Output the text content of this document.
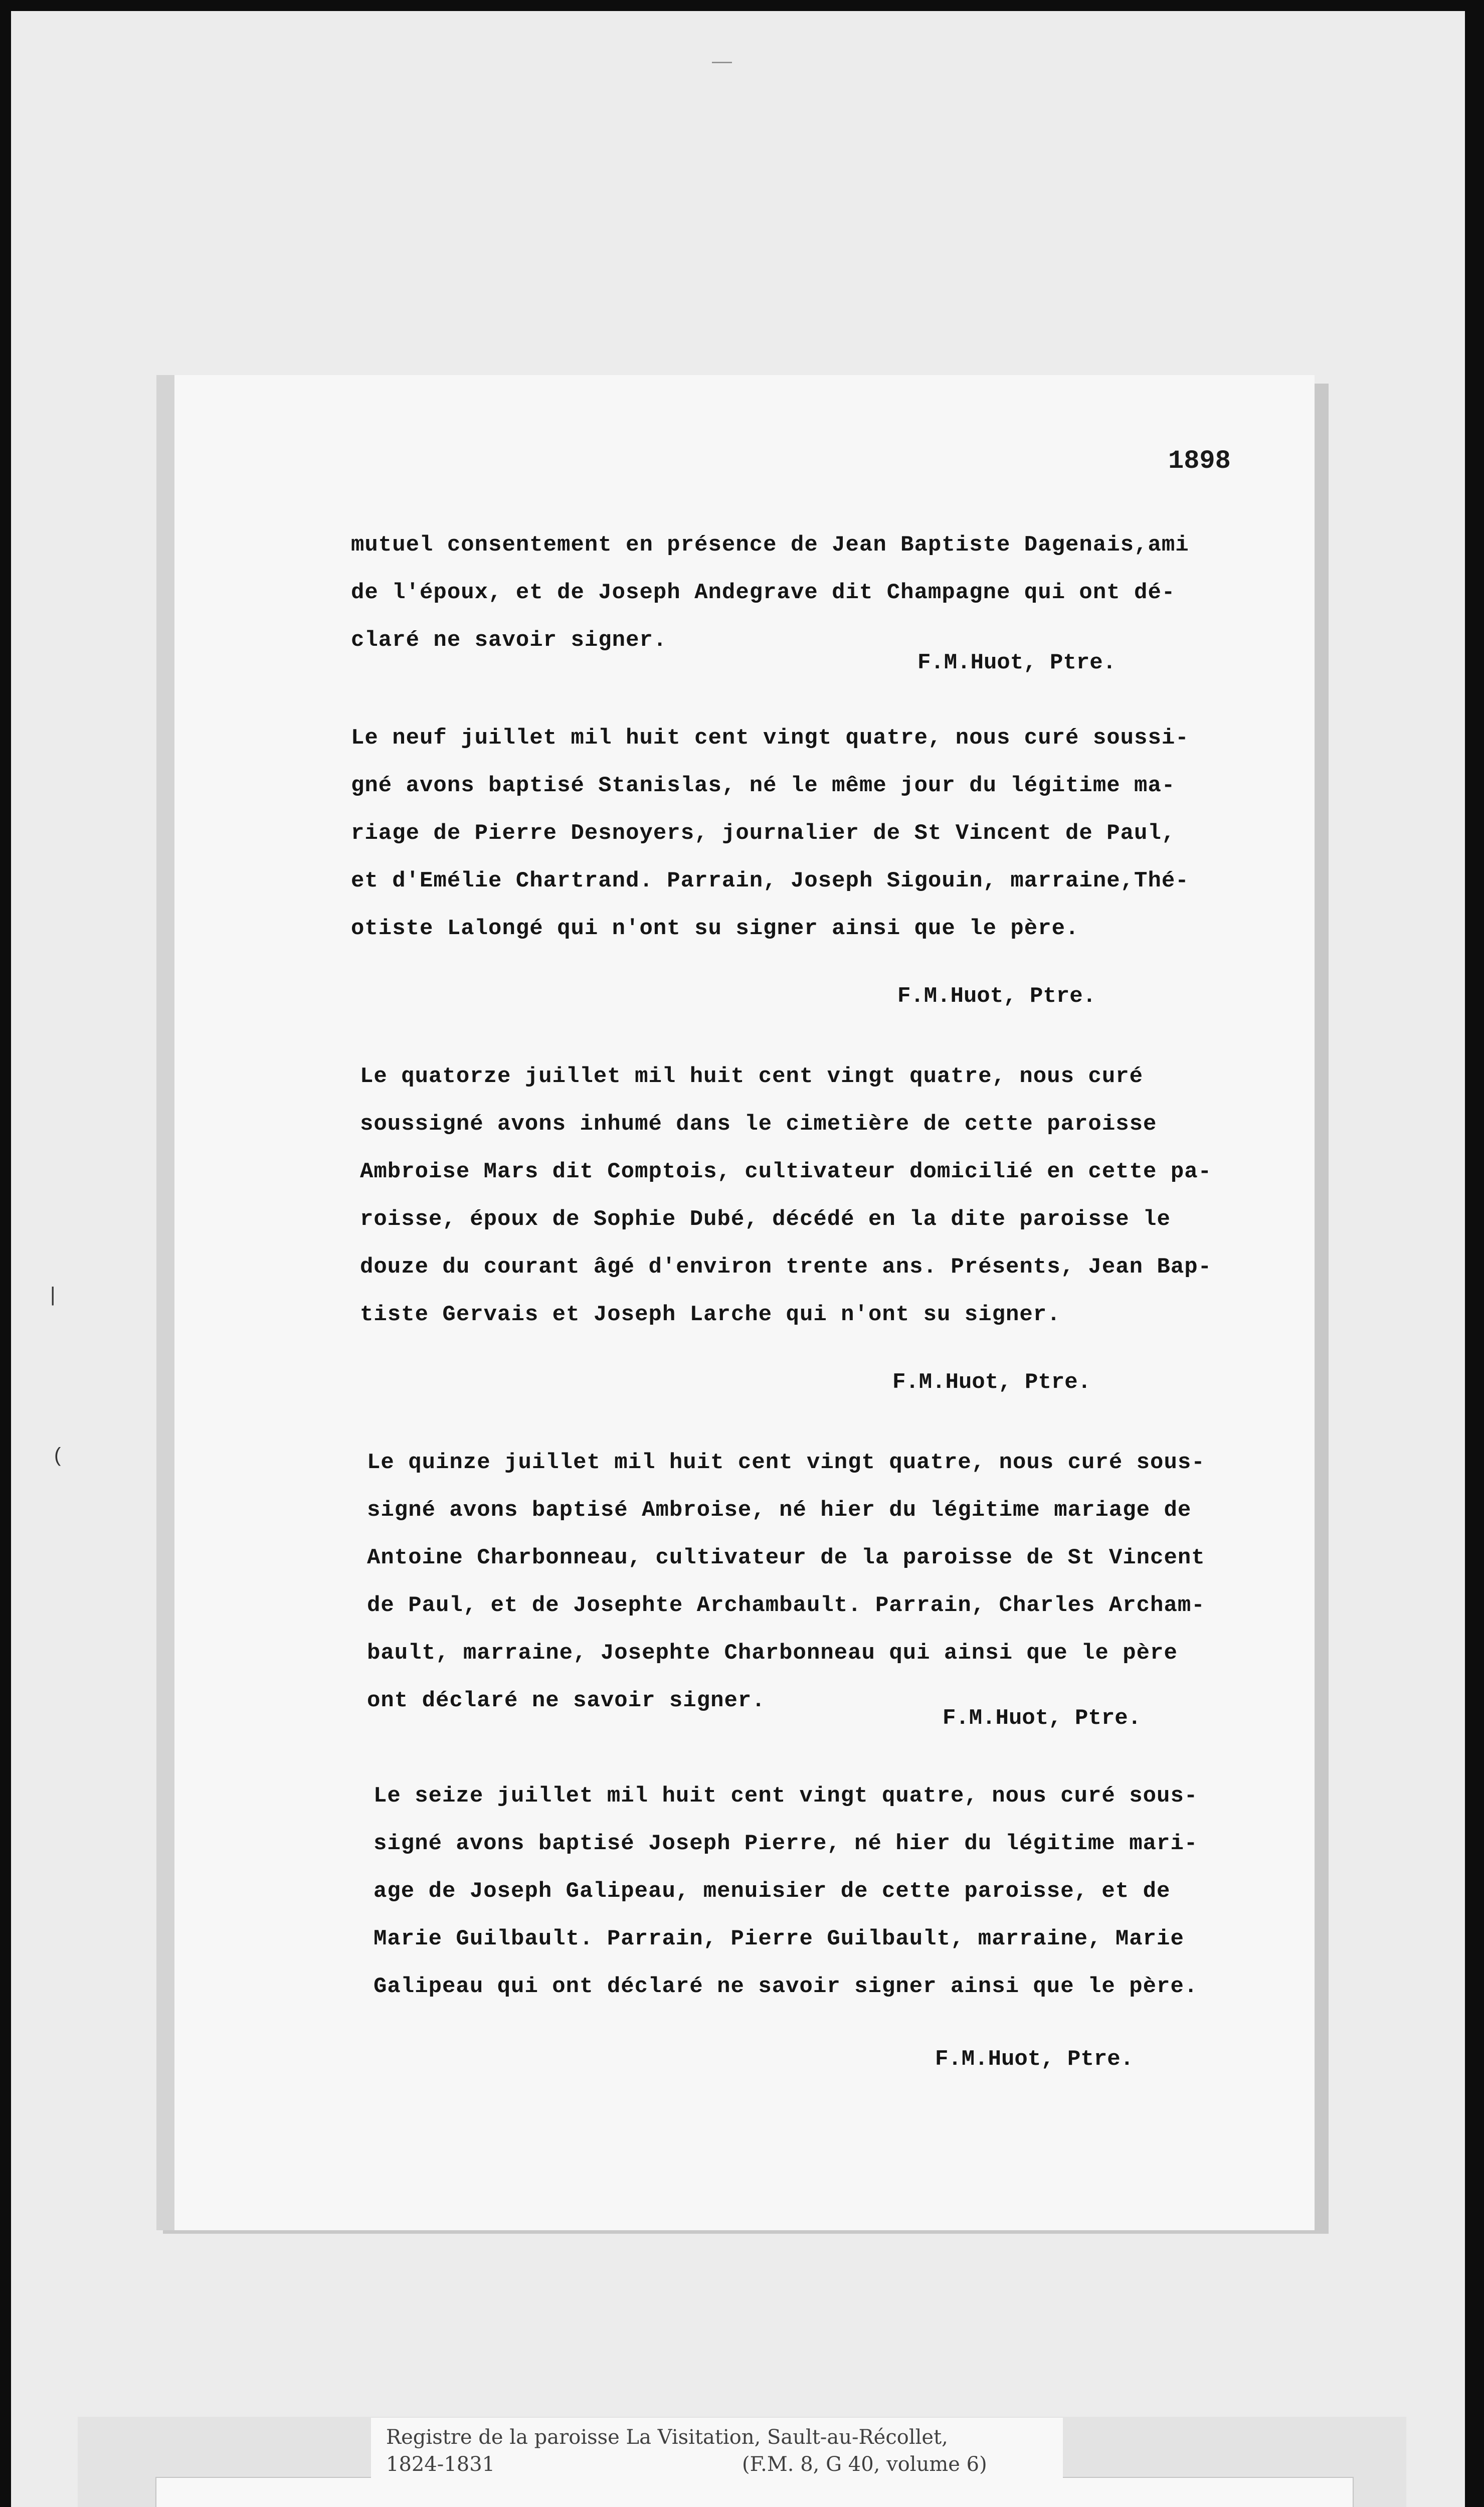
—
|
(
1898
mutuel consentement en présence de Jean Baptiste Dagenais,ami
de l'époux, et de Joseph Andegrave dit Champagne qui ont dé-
claré ne savoir signer.
F.M.Huot, Ptre.
Le neuf juillet mil huit cent vingt quatre, nous curé soussi-
gné avons baptisé Stanislas, né le même jour du légitime ma-
riage de Pierre Desnoyers, journalier de St Vincent de Paul,
et d'Emélie Chartrand. Parrain, Joseph Sigouin, marraine,Thé-
otiste Lalongé qui n'ont su signer ainsi que le père.
F.M.Huot, Ptre.
Le quatorze juillet mil huit cent vingt quatre, nous curé
soussigné avons inhumé dans le cimetière de cette paroisse
Ambroise Mars dit Comptois, cultivateur domicilié en cette pa-
roisse, époux de Sophie Dubé, décédé en la dite paroisse le
douze du courant âgé d'environ trente ans. Présents, Jean Bap-
tiste Gervais et Joseph Larche qui n'ont su signer.
F.M.Huot, Ptre.
Le quinze juillet mil huit cent vingt quatre, nous curé sous-
signé avons baptisé Ambroise, né hier du légitime mariage de
Antoine Charbonneau, cultivateur de la paroisse de St Vincent
de Paul, et de Josephte Archambault. Parrain, Charles Archam-
bault, marraine, Josephte Charbonneau qui ainsi que le père
ont déclaré ne savoir signer.
F.M.Huot, Ptre.
Le seize juillet mil huit cent vingt quatre, nous curé sous-
signé avons baptisé Joseph Pierre, né hier du légitime mari-
age de Joseph Galipeau, menuisier de cette paroisse, et de
Marie Guilbault. Parrain, Pierre Guilbault, marraine, Marie
Galipeau qui ont déclaré ne savoir signer ainsi que le père.
F.M.Huot, Ptre.
Registre de la paroisse La Visitation, Sault-au-Récollet,
1824-1831	(F.M. 8, G 40, volume 6)
